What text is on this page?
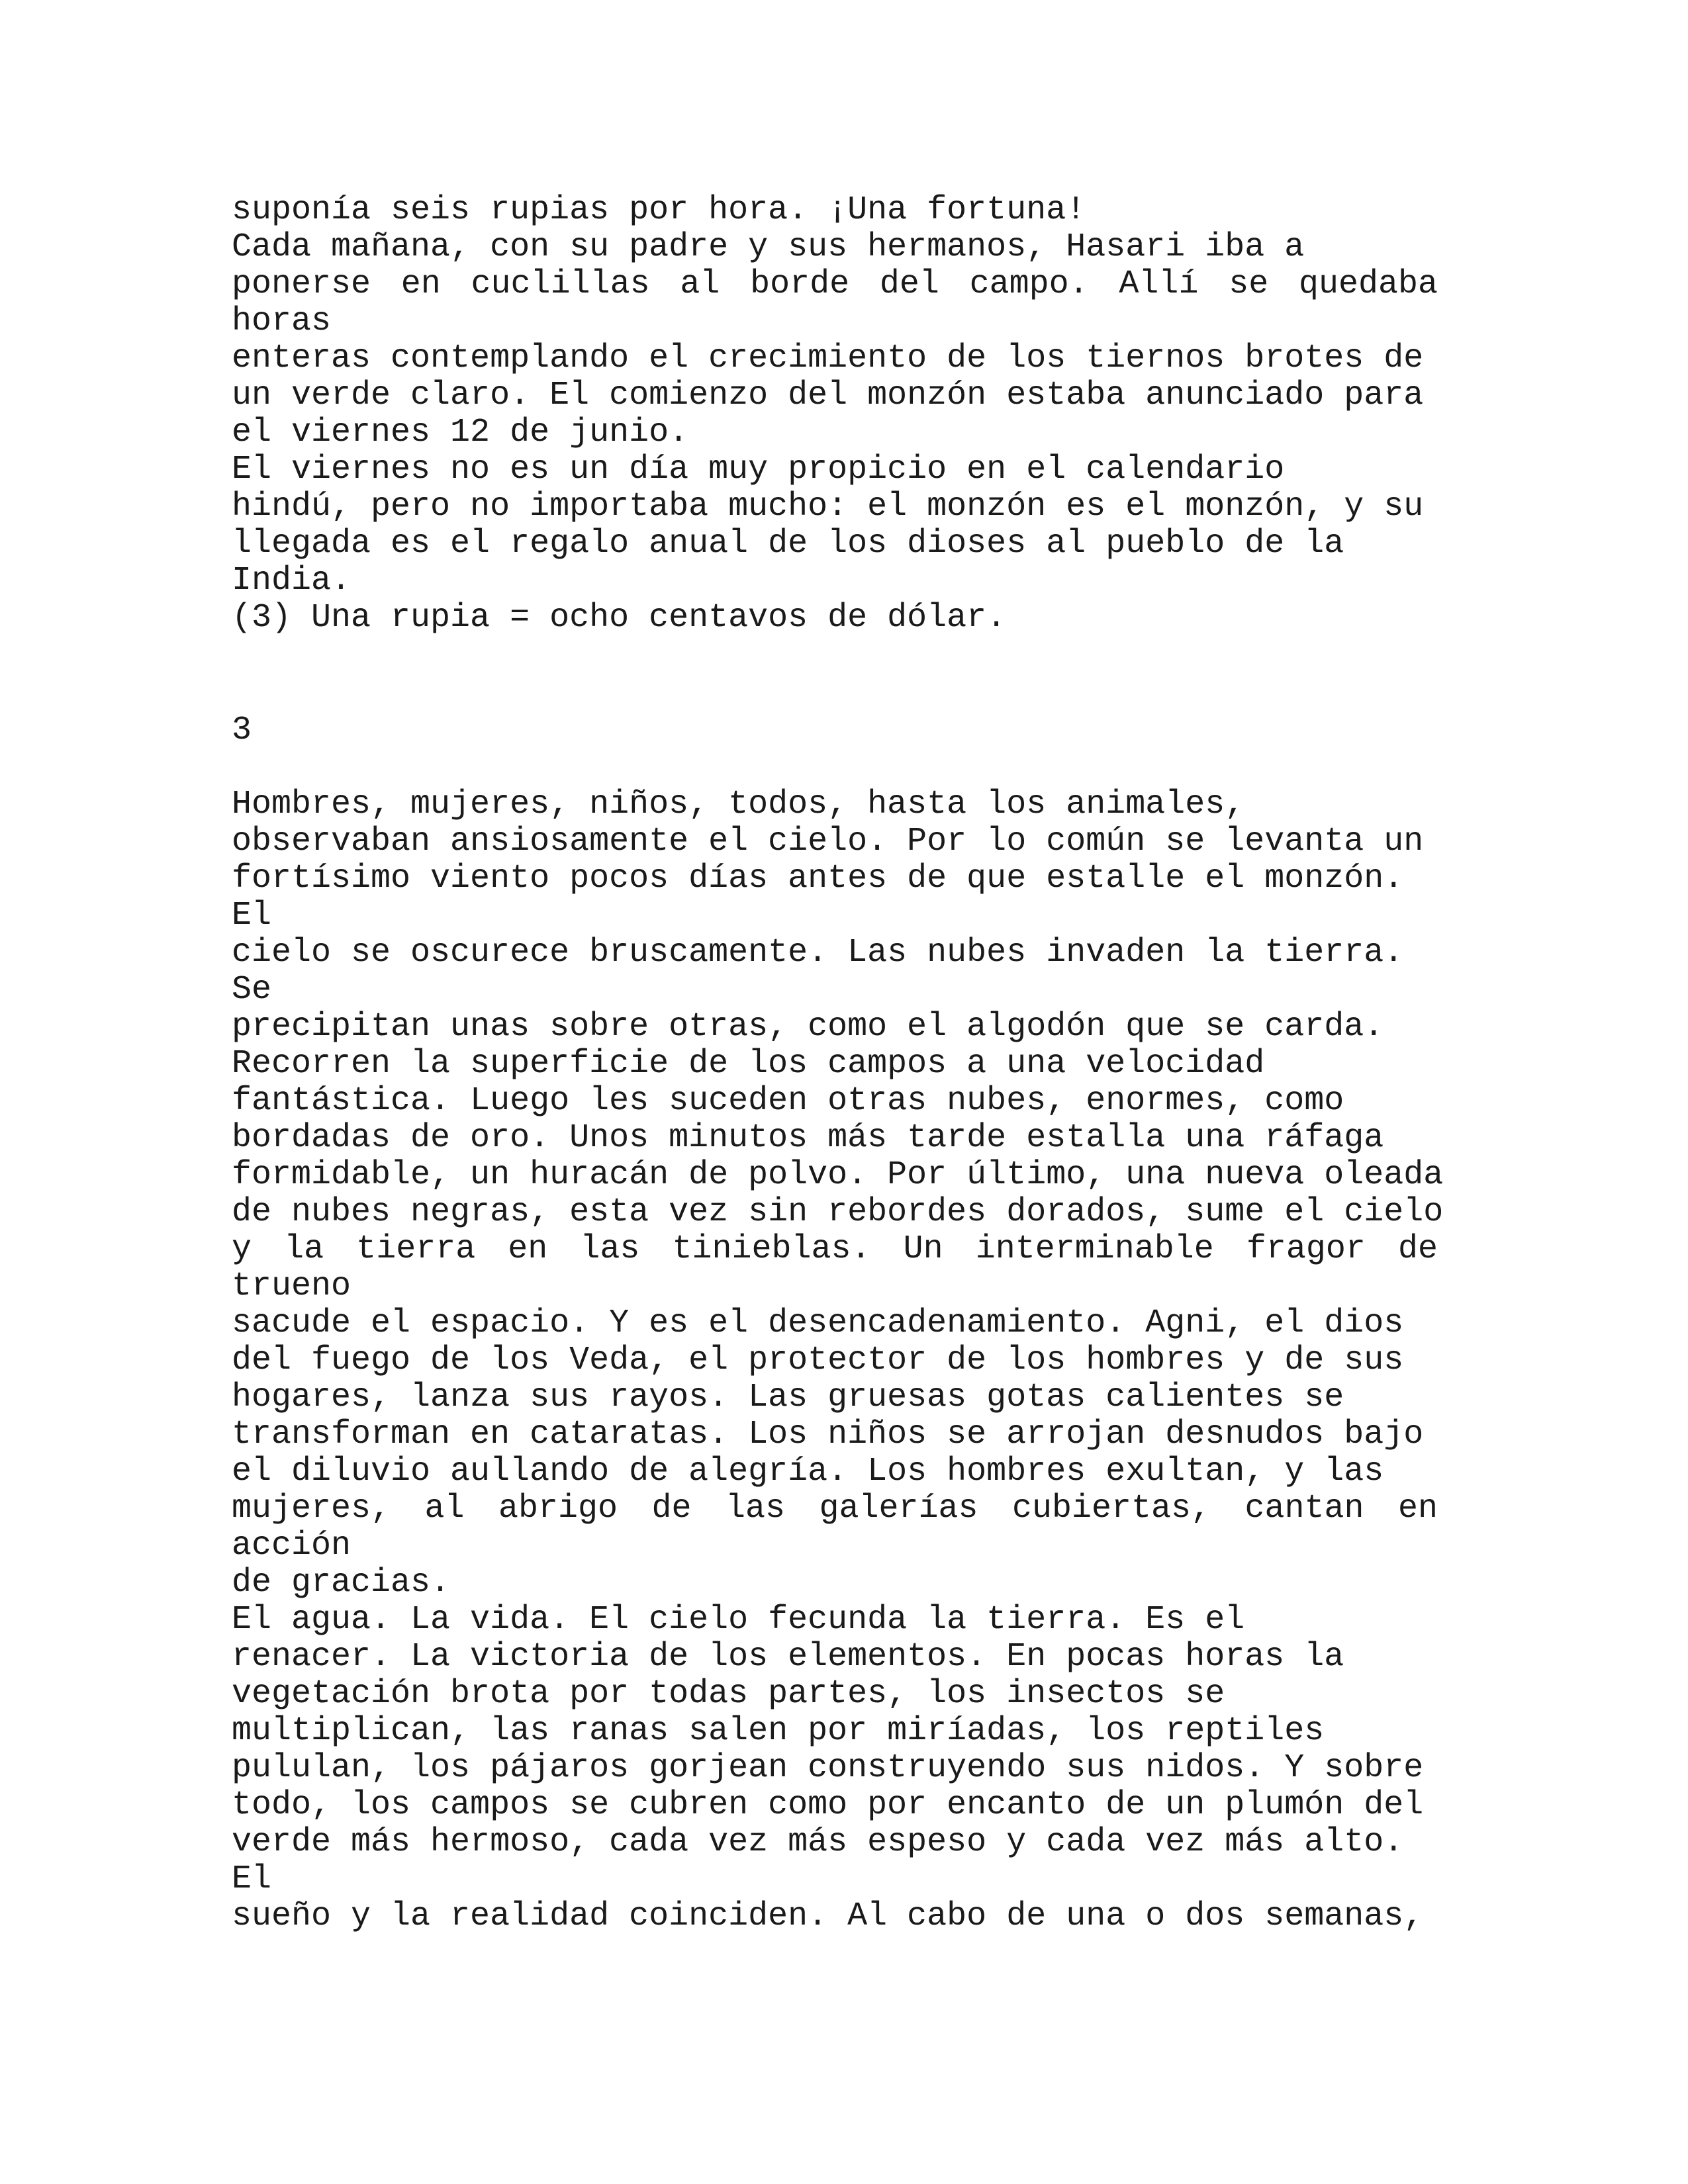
suponía seis rupias por hora. ¡Una fortuna!

Cada mañana, con su padre y sus hermanos, Hasari iba a

ponerse en cuclillas al borde del campo. Allí se quedaba

horas

enteras contemplando el crecimiento de los tiernos brotes de

un verde claro. El comienzo del monzón estaba anunciado para

el viernes 12 de junio.

El viernes no es un día muy propicio en el calendario

hindú, pero no importaba mucho: el monzón es el monzón, y su

llegada es el regalo anual de los dioses al pueblo de la

India.

(3) Una rupia = ocho centavos de dólar.

3

Hombres, mujeres, niños, todos, hasta los animales,

observaban ansiosamente el cielo. Por lo común se levanta un

fortísimo viento pocos días antes de que estalle el monzón.

El

cielo se oscurece bruscamente. Las nubes invaden la tierra.

Se

precipitan unas sobre otras, como el algodón que se carda.

Recorren la superficie de los campos a una velocidad

fantástica. Luego les suceden otras nubes, enormes, como

bordadas de oro. Unos minutos más tarde estalla una ráfaga

formidable, un huracán de polvo. Por último, una nueva oleada

de nubes negras, esta vez sin rebordes dorados, sume el cielo

y la tierra en las tinieblas. Un interminable fragor de

trueno

sacude el espacio. Y es el desencadenamiento. Agni, el dios

del fuego de los Veda, el protector de los hombres y de sus

hogares, lanza sus rayos. Las gruesas gotas calientes se

transforman en cataratas. Los niños se arrojan desnudos bajo

el diluvio aullando de alegría. Los hombres exultan, y las

mujeres, al abrigo de las galerías cubiertas, cantan en

acción

de gracias.

El agua. La vida. El cielo fecunda la tierra. Es el

renacer. La victoria de los elementos. En pocas horas la

vegetación brota por todas partes, los insectos se

multiplican, las ranas salen por miríadas, los reptiles

pululan, los pájaros gorjean construyendo sus nidos. Y sobre

todo, los campos se cubren como por encanto de un plumón del

verde más hermoso, cada vez más espeso y cada vez más alto.

El

sueño y la realidad coinciden. Al cabo de una o dos semanas,
